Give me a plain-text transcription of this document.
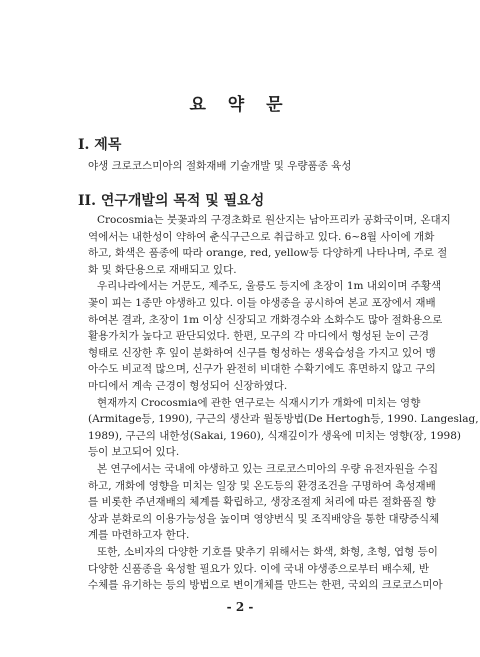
요 약 문
I. 제목
야생 크로코스미아의 절화재배 기술개발 및 우량품종 육성
II. 연구개발의 목적 및 필요성
Crocosmia는 붓꽃과의 구경초화로 원산지는 남아프리카 공화국이며, 온대지
역에서는 내한성이 약하여 춘식구근으로 취급하고 있다. 6~8월 사이에 개화
하고, 화색은 품종에 따라 orange, red, yellow등 다양하게 나타나며, 주로 절
화 및 화단용으로 재배되고 있다.
우리나라에서는 거문도, 제주도, 울릉도 등지에 초장이 1m 내외이며 주황색
꽃이 피는 1종만 야생하고 있다. 이들 야생종을 공시하여 본교 포장에서 재배
하여본 결과, 초장이 1m 이상 신장되고 개화경수와 소화수도 많아 절화용으로
활용가치가 높다고 판단되었다. 한편, 모구의 각 마디에서 형성된 눈이 근경
형태로 신장한 후 잎이 분화하여 신구를 형성하는 생육습성을 가지고 있어 맹
아수도 비교적 많으며, 신구가 완전히 비대한 수확기에도 휴면하지 않고 구의
마디에서 계속 근경이 형성되어 신장하였다.
현재까지 Crocosmia에 관한 연구로는 식재시기가 개화에 미치는 영향
(Armitage등, 1990), 구근의 생산과 월동방법(De Hertogh등, 1990. Langeslag,
1989), 구근의 내한성(Sakai, 1960), 식재깊이가 생육에 미치는 영향(장, 1998)
등이 보고되어 있다.
본 연구에서는 국내에 야생하고 있는 크로코스미아의 우량 유전자원을 수집
하고, 개화에 영향을 미치는 일장 및 온도등의 환경조건을 구명하여 촉성재배
를 비롯한 주년재배의 체계를 확립하고, 생장조절제 처리에 따른 절화품질 향
상과 분화로의 이용가능성을 높이며 영양번식 및 조직배양을 통한 대량증식체
계를 마련하고자 한다.
또한, 소비자의 다양한 기호를 맞추기 위해서는 화색, 화형, 초형, 엽형 등이
다양한 신품종을 육성할 필요가 있다. 이에 국내 야생종으로부터 배수체, 반
수체를 유기하는 등의 방법으로 변이개체를 만드는 한편, 국외의 크로코스미아
- 2 -
